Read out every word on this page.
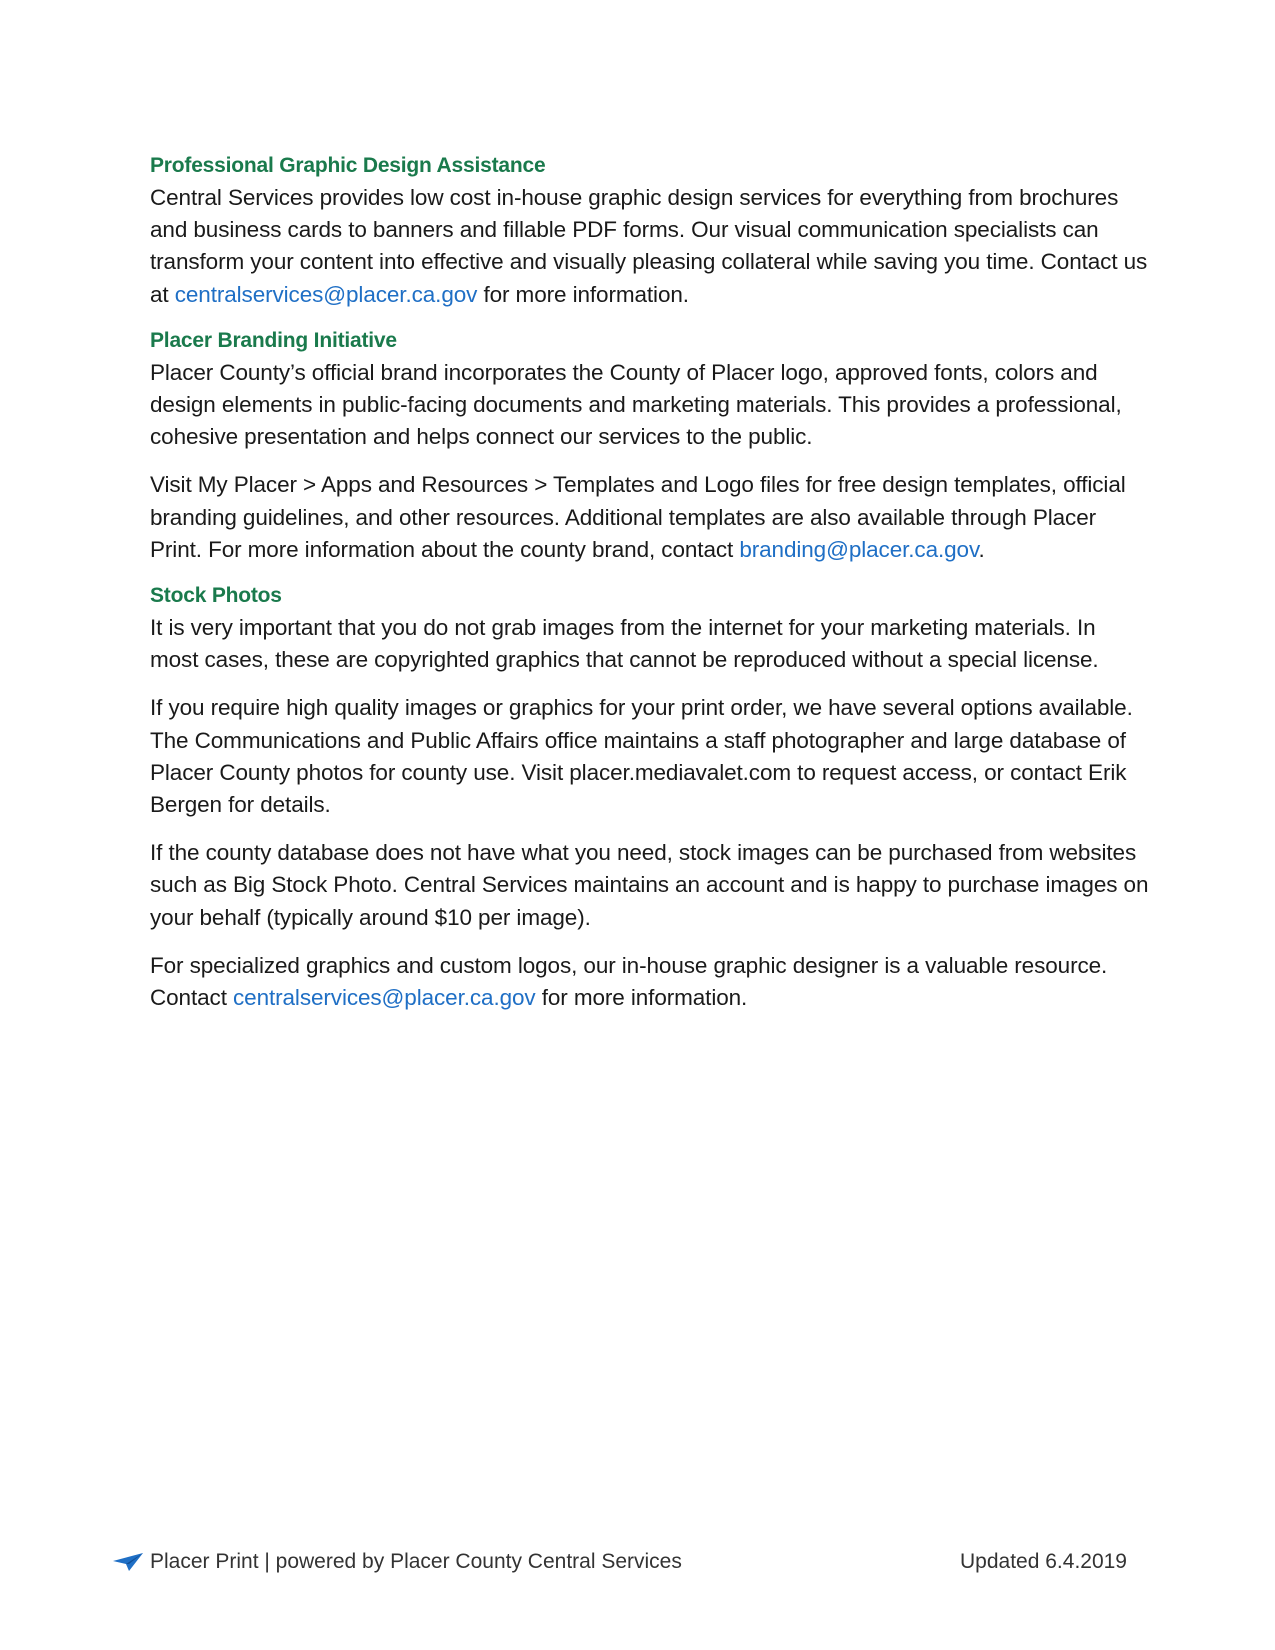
Professional Graphic Design Assistance

Central Services provides low cost in-house graphic design services for everything from brochures and business cards to banners and fillable PDF forms. Our visual communication specialists can transform your content into effective and visually pleasing collateral while saving you time. Contact us at centralservices@placer.ca.gov for more information.

Placer Branding Initiative

Placer County’s official brand incorporates the County of Placer logo, approved fonts, colors and design elements in public-facing documents and marketing materials. This provides a professional, cohesive presentation and helps connect our services to the public.

Visit My Placer > Apps and Resources > Templates and Logo files for free design templates, official branding guidelines, and other resources. Additional templates are also available through Placer Print. For more information about the county brand, contact branding@placer.ca.gov.

Stock Photos

It is very important that you do not grab images from the internet for your marketing materials. In most cases, these are copyrighted graphics that cannot be reproduced without a special license.

If you require high quality images or graphics for your print order, we have several options available. The Communications and Public Affairs office maintains a staff photographer and large database of Placer County photos for county use. Visit placer.mediavalet.com to request access, or contact Erik Bergen for details.

If the county database does not have what you need, stock images can be purchased from websites such as Big Stock Photo. Central Services maintains an account and is happy to purchase images on your behalf (typically around $10 per image).

For specialized graphics and custom logos, our in-house graphic designer is a valuable resource. Contact centralservices@placer.ca.gov for more information.

Placer Print | powered by Placer County Central Services	Updated 6.4.2019
